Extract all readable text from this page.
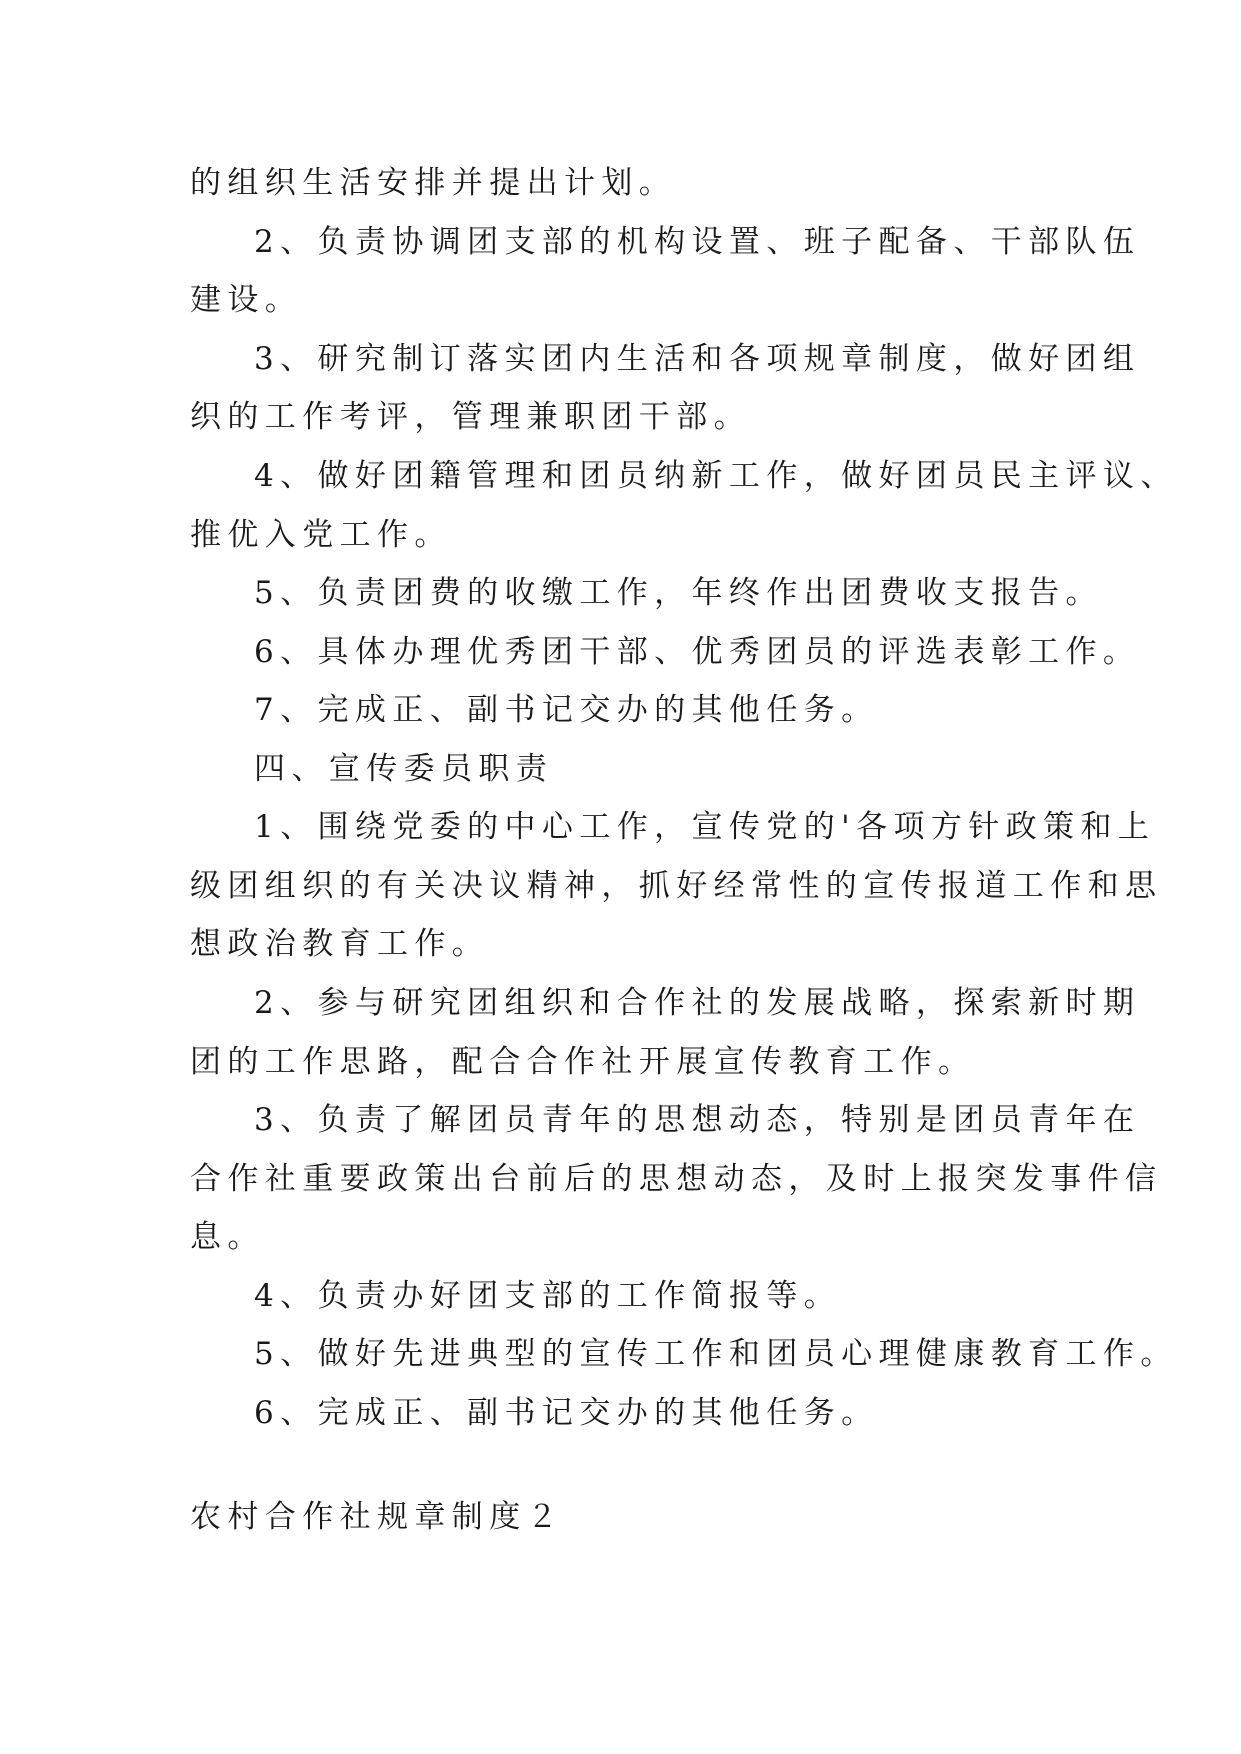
的组织生活安排并提出计划。
2、负责协调团支部的机构设置、班子配备、干部队伍
建设。
3、研究制订落实团内生活和各项规章制度，做好团组
织的工作考评，管理兼职团干部。
4、做好团籍管理和团员纳新工作，做好团员民主评议、
推优入党工作。
5、负责团费的收缴工作，年终作出团费收支报告。
6、具体办理优秀团干部、优秀团员的评选表彰工作。
7、完成正、副书记交办的其他任务。
四、宣传委员职责
1、围绕党委的中心工作，宣传党的'各项方针政策和上
级团组织的有关决议精神，抓好经常性的宣传报道工作和思
想政治教育工作。
2、参与研究团组织和合作社的发展战略，探索新时期
团的工作思路，配合合作社开展宣传教育工作。
3、负责了解团员青年的思想动态，特别是团员青年在
合作社重要政策出台前后的思想动态，及时上报突发事件信
息。
4、负责办好团支部的工作简报等。
5、做好先进典型的宣传工作和团员心理健康教育工作。
6、完成正、副书记交办的其他任务。
农村合作社规章制度２
